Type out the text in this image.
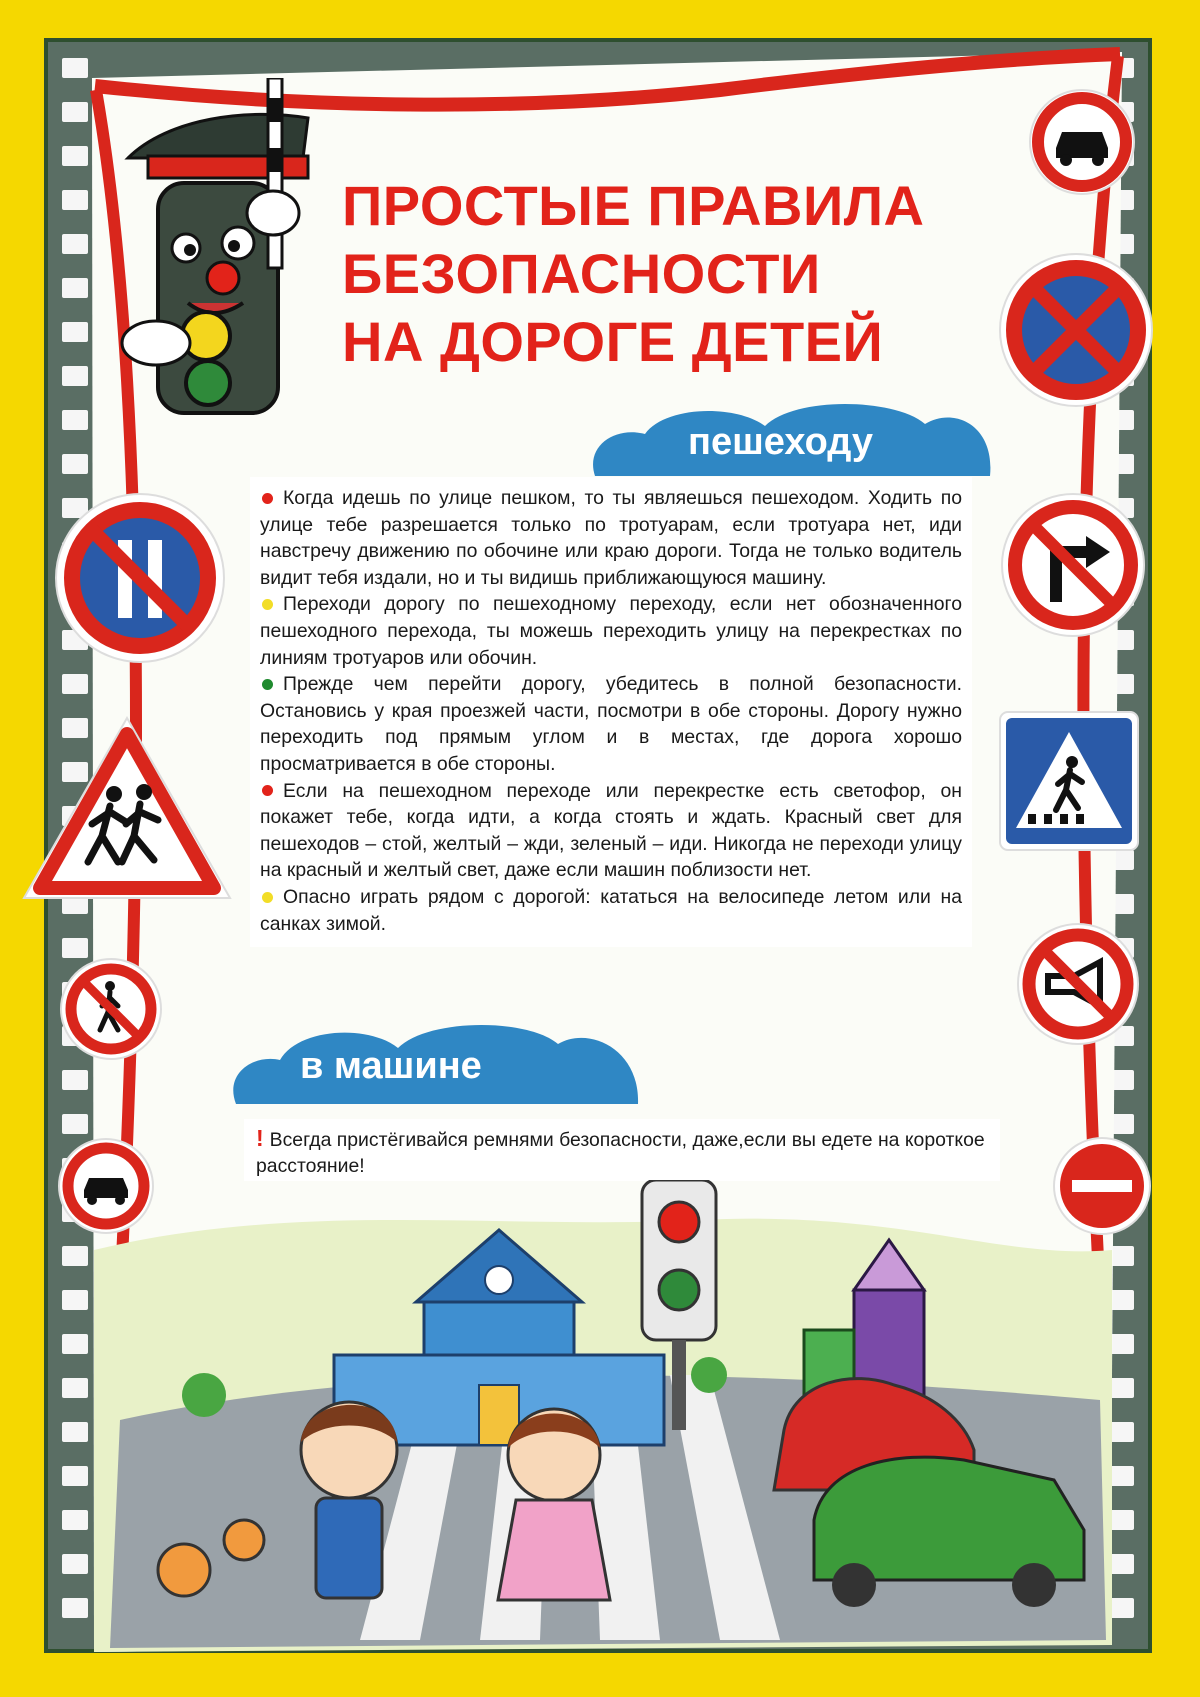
ПРОСТЫЕ ПРАВИЛА
БЕЗОПАСНОСТИ
НА ДОРОГЕ ДЕТЕЙ
пешеходу

Когда идешь по улице пешком, то ты являешься пешеходом. Ходить по улице тебе разрешается только по тротуарам, если тротуара нет, иди навстречу движению по обочине или краю дороги. Тогда не только водитель видит тебя издали, но и ты видишь приближающуюся машину.

Переходи дорогу по пешеходному переходу, если нет обозначенного пешеходного перехода, ты можешь переходить улицу на перекрестках по линиям тротуаров или обочин.

Прежде чем перейти дорогу, убедитесь в полной безопасности. Остановись у края проезжей части, посмотри в обе стороны. Дорогу нужно переходить под прямым углом и в местах, где дорога хорошо просматривается в обе стороны.

Если на пешеходном переходе или перекрестке есть светофор, он покажет тебе, когда идти, а когда стоять и ждать. Красный свет для пешеходов – стой, желтый – жди, зеленый – иди. Никогда не переходи улицу на красный и желтый свет, даже если машин поблизости нет.

Опасно играть рядом с дорогой: кататься на велосипеде летом или на санках зимой.

в машине

! Всегда пристёгивайся ремнями безопасности, даже,если вы едете на короткое расстояние!
